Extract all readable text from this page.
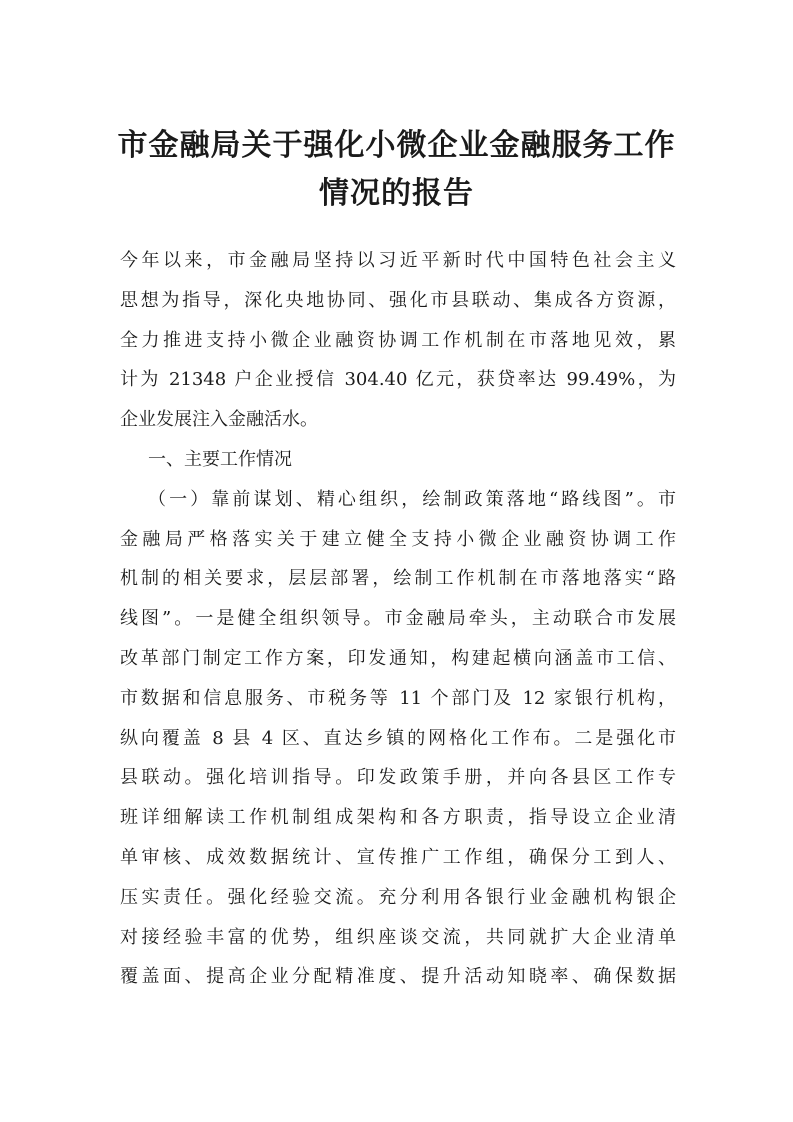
市金融局关于强化小微企业金融服务工作
情况的报告
今年以来，市金融局坚持以习近平新时代中国特色社会主义
思想为指导，深化央地协同、强化市县联动、集成各方资源，
全力推进支持小微企业融资协调工作机制在市落地见效，累
计为 21348 户企业授信 304.40 亿元，获贷率达 99.49%，为
企业发展注入金融活水。
一、主要工作情况
（一）靠前谋划、精心组织，绘制政策落地“路线图”。市
金融局严格落实关于建立健全支持小微企业融资协调工作
机制的相关要求，层层部署，绘制工作机制在市落地落实“路
线图”。一是健全组织领导。市金融局牵头，主动联合市发展
改革部门制定工作方案，印发通知，构建起横向涵盖市工信、
市数据和信息服务、市税务等 11 个部门及 12 家银行机构，
纵向覆盖 8 县 4 区、直达乡镇的网格化工作布。二是强化市
县联动。强化培训指导。印发政策手册，并向各县区工作专
班详细解读工作机制组成架构和各方职责，指导设立企业清
单审核、成效数据统计、宣传推广工作组，确保分工到人、
压实责任。强化经验交流。充分利用各银行业金融机构银企
对接经验丰富的优势，组织座谈交流，共同就扩大企业清单
覆盖面、提高企业分配精准度、提升活动知晓率、确保数据
